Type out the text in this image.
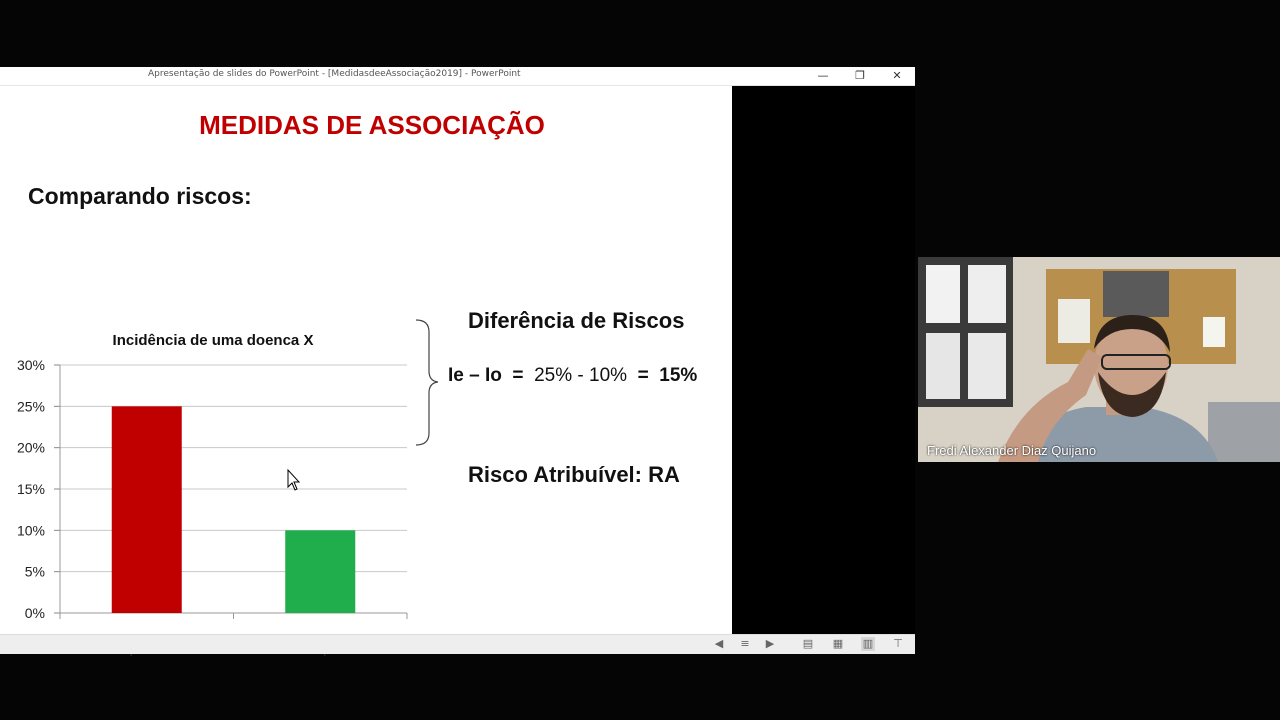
Apresentação de slides do PowerPoint - [MedidasdeeAssociação2019] - PowerPoint	—	❐	✕
MEDIDAS DE ASSOCIAÇÃO
Comparando riscos:
Incidência de uma doenca X
0%
5%
10%
15%
20%
25%
30%
Diferência de Riscos
Ie – Io = 25% - 10% = 15%
Risco Atribuível: RA
◀ ≡ ▶	▤ ▦ ▥ ⊤
Fredi Alexander Diaz Quijano
